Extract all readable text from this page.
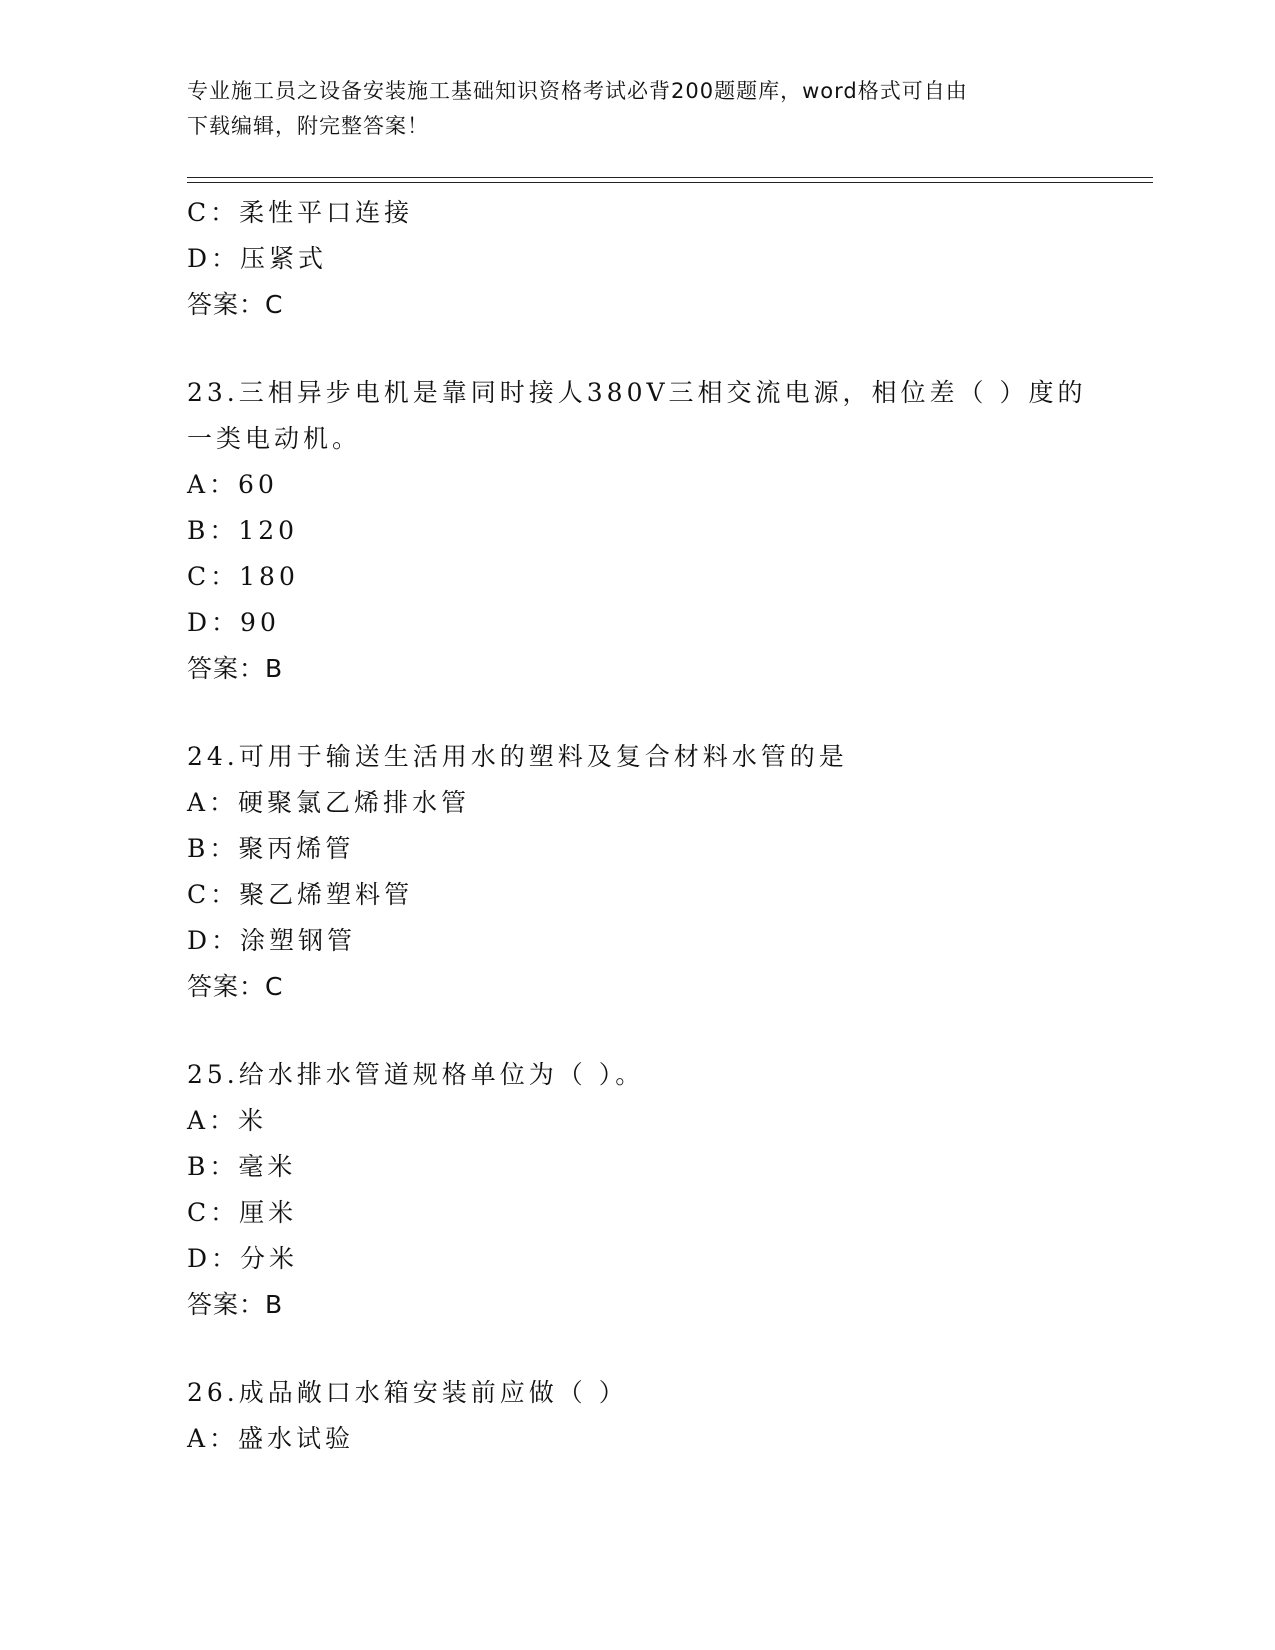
专业施工员之设备安装施工基础知识资格考试必背200题题库，word格式可自由
下载编辑，附完整答案！
C：柔性平口连接
D：压紧式
答案：C
23.三相异步电机是靠同时接人380V三相交流电源，相位差（ ）度的
一类电动机。
A：60
B：120
C：180
D：90
答案：B
24.可用于输送生活用水的塑料及复合材料水管的是
A：硬聚氯乙烯排水管
B：聚丙烯管
C：聚乙烯塑料管
D：涂塑钢管
答案：C
25.给水排水管道规格单位为（ ）。
A：米
B：毫米
C：厘米
D：分米
答案：B
26.成品敞口水箱安装前应做（ ）
A：盛水试验
